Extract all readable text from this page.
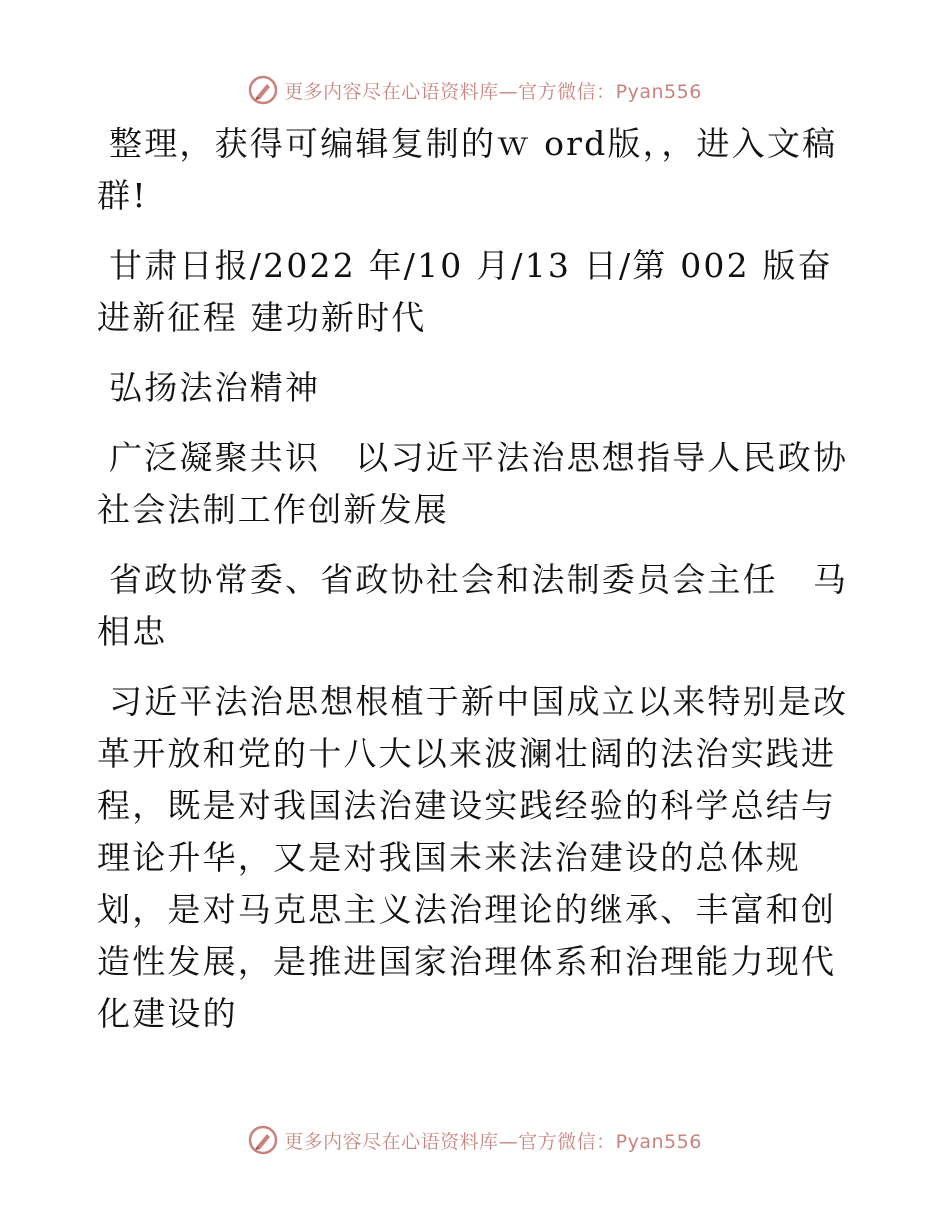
更多内容尽在心语资料库—官方微信：Pyan556

整理，获得可编辑复制的ｗ ord版，，进入文稿群!

甘肃日报/2022 年/10 月/13 日/第 002 版奋进新征程 建功新时代

弘扬法治精神

广泛凝聚共识　以习近平法治思想指导人民政协社会法制工作创新发展

省政协常委、省政协社会和法制委员会主任　马相忠

习近平法治思想根植于新中国成立以来特别是改革开放和党的十八大以来波澜壮阔的法治实践进程，既是对我国法治建设实践经验的科学总结与理论升华，又是对我国未来法治建设的总体规划，是对马克思主义法治理论的继承、丰富和创造性发展，是推进国家治理体系和治理能力现代化建设的

更多内容尽在心语资料库—官方微信：Pyan556
